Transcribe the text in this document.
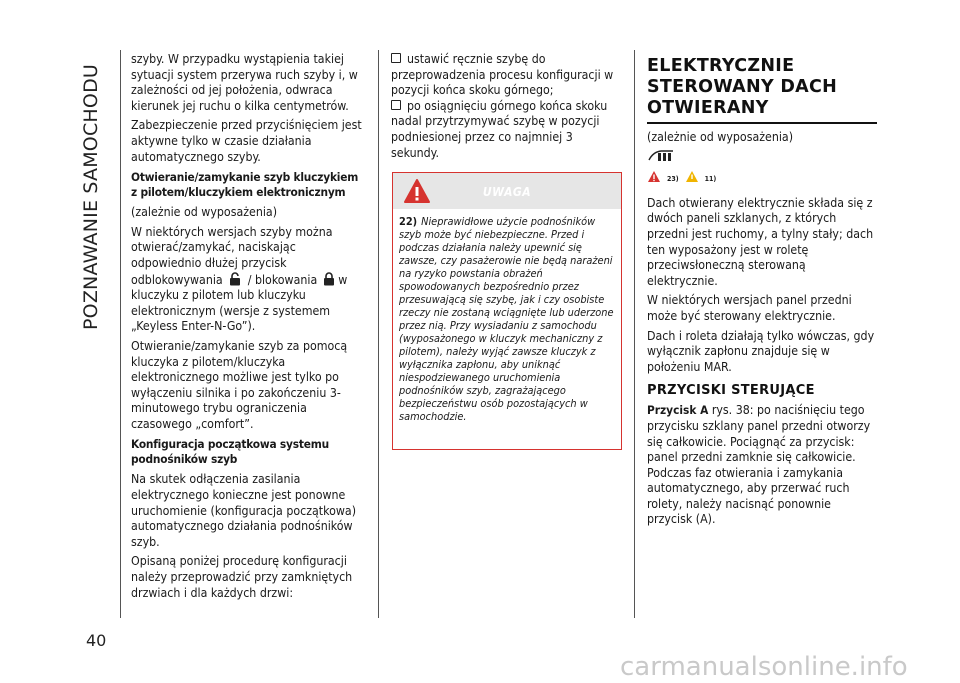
POZNAWANIE SAMOCHODU
40

szyby. W przypadku wystąpienia takiej sytuacji system przerywa ruch szyby i, w zależności od jej położenia, odwraca kierunek jej ruchu o kilka centymetrów.

Zabezpieczenie przed przyciśnięciem jest aktywne tylko w czasie działania automatycznego szyby.

Otwieranie/zamykanie szyb kluczykiem z pilotem/kluczykiem elektronicznym

(zależnie od wyposażenia)

W niektórych wersjach szyby można otwierać/zamykać, naciskając odpowiednio dłużej przycisk odblokowywania / blokowania w kluczyku z pilotem lub kluczyku elektronicznym (wersje z systemem „Keyless Enter-N-Go”).

Otwieranie/zamykanie szyb za pomocą kluczyka z pilotem/kluczyka elektronicznego możliwe jest tylko po wyłączeniu silnika i po zakończeniu 3-minutowego trybu ograniczenia czasowego „comfort”.

Konfiguracja początkowa systemu podnośników szyb

Na skutek odłączenia zasilania elektrycznego konieczne jest ponowne uruchomienie (konfiguracja początkowa) automatycznego działania podnośników szyb.

Opisaną poniżej procedurę konfiguracji należy przeprowadzić przy zamkniętych drzwiach i dla każdych drzwi:

ustawić ręcznie szybę do przeprowadzenia procesu konfiguracji w pozycji końca skoku górnego;

po osiągnięciu górnego końca skoku nadal przytrzymywać szybę w pozycji podniesionej przez co najmniej 3 sekundy.

UWAGA
22) Nieprawidłowe użycie podnośników szyb może być niebezpieczne. Przed i podczas działania należy upewnić się zawsze, czy pasażerowie nie będą narażeni na ryzyko powstania obrażeń spowodowanych bezpośrednio przez przesuwającą się szybę, jak i czy osobiste rzeczy nie zostaną wciągnięte lub uderzone przez nią. Przy wysiadaniu z samochodu (wyposażonego w kluczyk mechaniczny z pilotem), należy wyjąć zawsze kluczyk z wyłącznika zapłonu, aby uniknąć niespodziewanego uruchomienia podnośników szyb, zagrażającego bezpieczeństwu osób pozostających w samochodzie.
ELEKTRYCZNIE
STEROWANY DACH
OTWIERANY

(zależnie od wyposażenia)

23)	11)

Dach otwierany elektrycznie składa się z dwóch paneli szklanych, z których przedni jest ruchomy, a tylny stały; dach ten wyposażony jest w roletę przeciwsłoneczną sterowaną elektrycznie.

W niektórych wersjach panel przedni może być sterowany elektrycznie.

Dach i roleta działają tylko wówczas, gdy wyłącznik zapłonu znajduje się w położeniu MAR.

PRZYCISKI STERUJĄCE

Przycisk A rys. 38: po naciśnięciu tego przycisku szklany panel przedni otworzy się całkowicie. Pociągnąć za przycisk: panel przedni zamknie się całkowicie. Podczas faz otwierania i zamykania automatycznego, aby przerwać ruch rolety, należy nacisnąć ponownie przycisk (A).

carmanualsonline.info
